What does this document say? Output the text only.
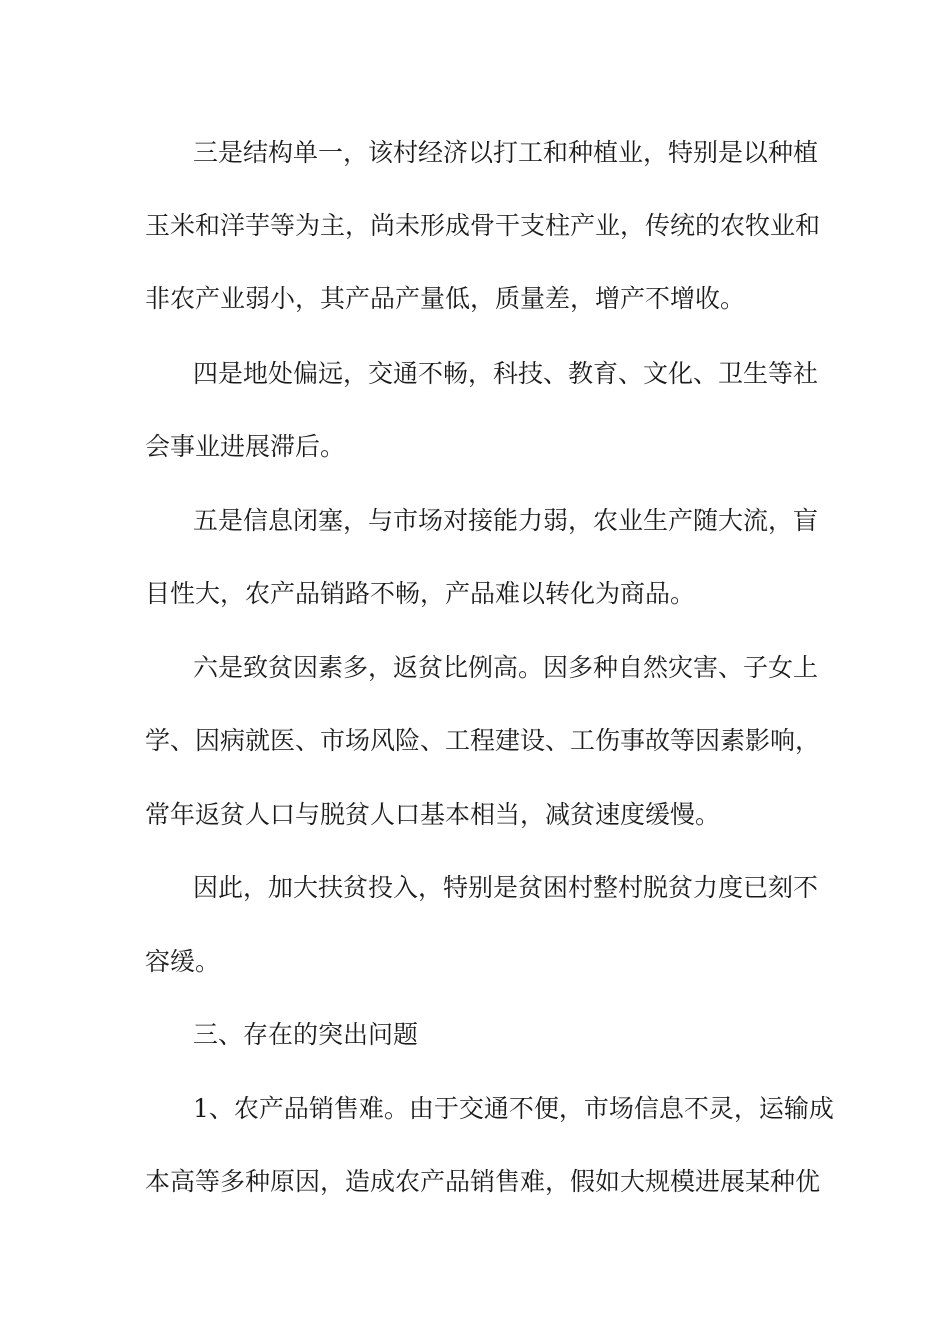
三是结构单一，该村经济以打工和种植业，特别是以种植

玉米和洋芋等为主，尚未形成骨干支柱产业，传统的农牧业和

非农产业弱小，其产品产量低，质量差，增产不增收。

四是地处偏远，交通不畅，科技、教育、文化、卫生等社

会事业进展滞后。

五是信息闭塞，与市场对接能力弱，农业生产随大流，盲

目性大，农产品销路不畅，产品难以转化为商品。

六是致贫因素多，返贫比例高。因多种自然灾害、子女上

学、因病就医、市场风险、工程建设、工伤事故等因素影响，

常年返贫人口与脱贫人口基本相当，减贫速度缓慢。

因此，加大扶贫投入，特别是贫困村整村脱贫力度已刻不

容缓。

三、存在的突出问题

1、农产品销售难。由于交通不便，市场信息不灵，运输成

本高等多种原因，造成农产品销售难，假如大规模进展某种优
